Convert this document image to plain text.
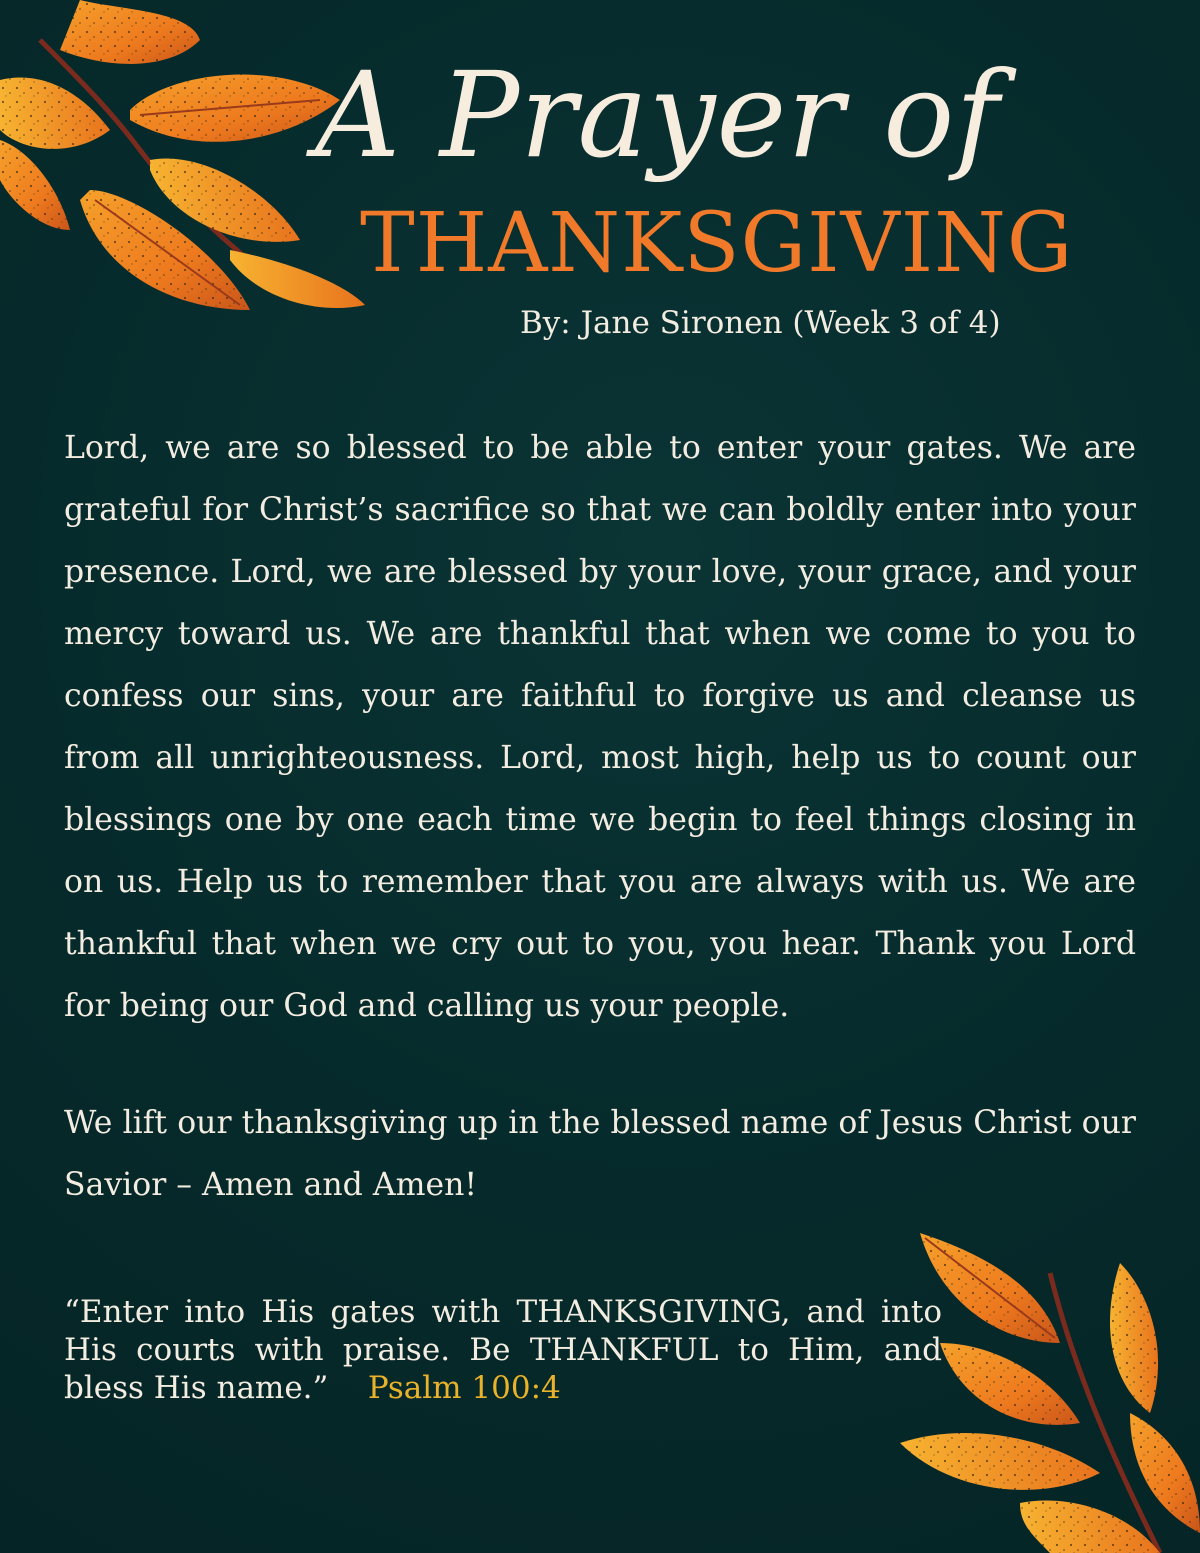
A Prayer of
THANKSGIVING
By: Jane Sironen (Week 3 of 4)

Lord, we are so blessed to be able to enter your gates. We are grateful for Christ’s sacrifice so that we can boldly enter into your presence. Lord, we are blessed by your love, your grace, and your mercy toward us. We are thankful that when we come to you to confess our sins, your are faithful to forgive us and cleanse us from all unrighteousness. Lord, most high, help us to count our blessings one by one each time we begin to feel things closing in on us. Help us to remember that you are always with us. We are thankful that when we cry out to you, you hear. Thank you Lord for being our God and calling us your people.

We lift our thanksgiving up in the blessed name of Jesus Christ our Savior – Amen and Amen!

“Enter into His gates with THANKSGIVING, and into His courts with praise. Be THANKFUL to Him, and bless His name.” Psalm 100:4
